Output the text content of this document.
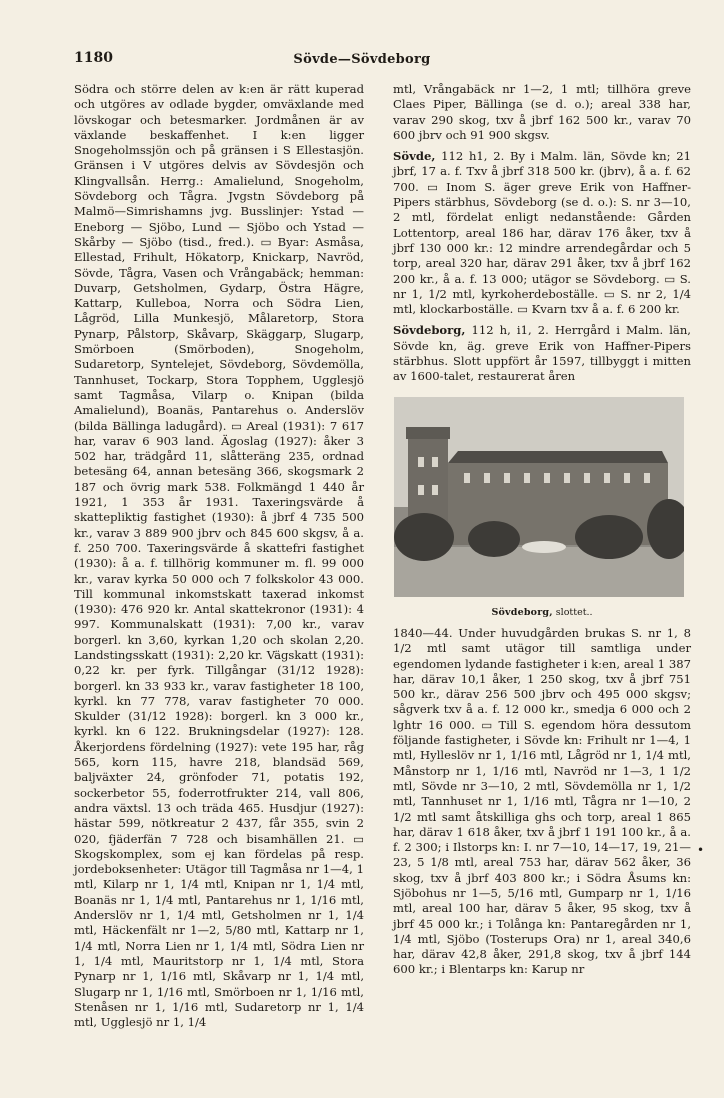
1180	Sövde—Sövdeborg

Södra och större delen av k:en är rätt kuperad och utgöres av odlade bygder, omväxlande med lövskogar och betesmarker. Jordmånen är av växlande beskaffenhet. I k:en ligger Snogeholmssjön och på gränsen i S Ellestasjön. Gränsen i V utgöres delvis av Sövdesjön och Klingvallsån. Herrg.: Amalielund, Snogeholm, Sövdeborg och Tågra. Jvgstn Sövdeborg på Malmö—Simrishamns jvg. Busslinjer: Ystad — Eneborg — Sjöbo, Lund — Sjöbo och Ystad — Skårby — Sjöbo (tisd., fred.). ▭ Byar: Asmåsa, Ellestad, Frihult, Hökatorp, Knickarp, Navröd, Sövde, Tågra, Vasen och Vrångabäck; hemman: Duvarp, Getsholmen, Gydarp, Östra Hägre, Kattarp, Kulleboa, Norra och Södra Lien, Lågröd, Lilla Munkesjö, Målaretorp, Stora Pynarp, Pålstorp, Skåvarp, Skäggarp, Slugarp, Smörboen (Smörboden), Snogeholm, Sudaretorp, Syntelejet, Sövdeborg, Sövdemölla, Tannhuset, Tockarp, Stora Topphem, Ugglesjö samt Tagmåsa, Vilarp o. Knipan (bilda Amalielund), Boanäs, Pantarehus o. Anderslöv (bilda Bällinga ladugård). ▭ Areal (1931): 7 617 har, varav 6 903 land. Ägoslag (1927): åker 3 502 har, trädgård 11, slåtteräng 235, ordnad betesäng 64, annan betesäng 366, skogsmark 2 187 och övrig mark 538. Folkmängd 1 440 år 1921, 1 353 år 1931. Taxeringsvärde å skattepliktig fastighet (1930): å jbrf 4 735 500 kr., varav 3 889 900 jbrv och 845 600 skgsv, å a. f. 250 700. Taxeringsvärde å skattefri fastighet (1930): å a. f. tillhörig kommuner m. fl. 99 000 kr., varav kyrka 50 000 och 7 folkskolor 43 000. Till kommunal inkomstskatt taxerad inkomst (1930): 476 920 kr. Antal skattekronor (1931): 4 997. Kommunalskatt (1931): 7,00 kr., varav borgerl. kn 3,60, kyrkan 1,20 och skolan 2,20. Landstingsskatt (1931): 2,20 kr. Vägskatt (1931): 0,22 kr. per fyrk. Tillgångar (31/12 1928): borgerl. kn 33 933 kr., varav fastigheter 18 100, kyrkl. kn 77 778, varav fastigheter 70 000. Skulder (31/12 1928): borgerl. kn 3 000 kr., kyrkl. kn 6 122. Brukningsdelar (1927): 128. Åkerjordens fördelning (1927): vete 195 har, råg 565, korn 115, havre 218, blandsäd 569, baljväxter 24, grönfoder 71, potatis 192, sockerbetor 55, foderrotfrukter 214, vall 806, andra växtsl. 13 och träda 465. Husdjur (1927): hästar 599, nötkreatur 2 437, får 355, svin 2 020, fjäderfän 7 728 och bisamhällen 21. ▭ Skogskomplex, som ej kan fördelas på resp. jordeboksenheter: Utägor till Tagmåsa nr 1—4, 1 mtl, Kilarp nr 1, 1/4 mtl, Knipan nr 1, 1/4 mtl, Boanäs nr 1, 1/4 mtl, Pantarehus nr 1, 1/16 mtl, Anderslöv nr 1, 1/4 mtl, Getsholmen nr 1, 1/4 mtl, Häckenfält nr 1—2, 5/80 mtl, Kattarp nr 1, 1/4 mtl, Norra Lien nr 1, 1/4 mtl, Södra Lien nr 1, 1/4 mtl, Mauritstorp nr 1, 1/4 mtl, Stora Pynarp nr 1, 1/16 mtl, Skåvarp nr 1, 1/4 mtl, Slugarp nr 1, 1/16 mtl, Smörboen nr 1, 1/16 mtl, Stenåsen nr 1, 1/16 mtl, Sudaretorp nr 1, 1/4 mtl, Ugglesjö nr 1, 1/4

mtl, Vrångabäck nr 1—2, 1 mtl; tillhöra greve Claes Piper, Bällinga (se d. o.); areal 338 har, varav 290 skog, txv å jbrf 162 500 kr., varav 70 600 jbrv och 91 900 skgsv.

Sövde, 112 h1, 2. By i Malm. län, Sövde kn; 21 jbrf, 17 a. f. Txv å jbrf 318 500 kr. (jbrv), å a. f. 62 700. ▭ Inom S. äger greve Erik von Haffner-Pipers stärbhus, Sövdeborg (se d. o.): S. nr 3—10, 2 mtl, fördelat enligt nedanstående: Gården Lottentorp, areal 186 har, därav 176 åker, txv å jbrf 130 000 kr.: 12 mindre arrendegårdar och 5 torp, areal 320 har, därav 291 åker, txv å jbrf 162 200 kr., å a. f. 13 000; utägor se Sövdeborg. ▭ S. nr 1, 1/2 mtl, kyrkoherdeboställe. ▭ S. nr 2, 1/4 mtl, klockarboställe. ▭ Kvarn txv å a. f. 6 200 kr.

Sövdeborg, 112 h, i1, 2. Herrgård i Malm. län, Sövde kn, äg. greve Erik von Haffner-Pipers stärbhus. Slott uppfört år 1597, tillbyggt i mitten av 1600-talet, restaurerat åren

Sövdeborg, slottet..

1840—44. Under huvudgården brukas S. nr 1, 8 1/2 mtl samt utägor till samtliga under egendomen lydande fastigheter i k:en, areal 1 387 har, därav 10,1 åker, 1 250 skog, txv å jbrf 751 500 kr., därav 256 500 jbrv och 495 000 skgsv; sågverk txv å a. f. 12 000 kr., smedja 6 000 och 2 lghtr 16 000. ▭ Till S. egendom höra dessutom följande fastigheter, i Sövde kn: Frihult nr 1—4, 1 mtl, Hylleslöv nr 1, 1/16 mtl, Lågröd nr 1, 1/4 mtl, Månstorp nr 1, 1/16 mtl, Navröd nr 1—3, 1 1/2 mtl, Sövde nr 3—10, 2 mtl, Sövdemölla nr 1, 1/2 mtl, Tannhuset nr 1, 1/16 mtl, Tågra nr 1—10, 2 1/2 mtl samt åtskilliga ghs och torp, areal 1 865 har, därav 1 618 åker, txv å jbrf 1 191 100 kr., å a. f. 2 300; i Ilstorps kn: I. nr 7—10, 14—17, 19, 21—23, 5 1/8 mtl, areal 753 har, därav 562 åker, 36 skog, txv å jbrf 403 800 kr.; i Södra Åsums kn: Sjöbohus nr 1—5, 5/16 mtl, Gumparp nr 1, 1/16 mtl, areal 100 har, därav 5 åker, 95 skog, txv å jbrf 45 000 kr.; i Tolånga kn: Pantaregården nr 1, 1/4 mtl, Sjöbo (Tosterups Ora) nr 1, areal 340,6 har, därav 42,8 åker, 291,8 skog, txv å jbrf 144 600 kr.; i Blentarps kn: Karup nr

•
